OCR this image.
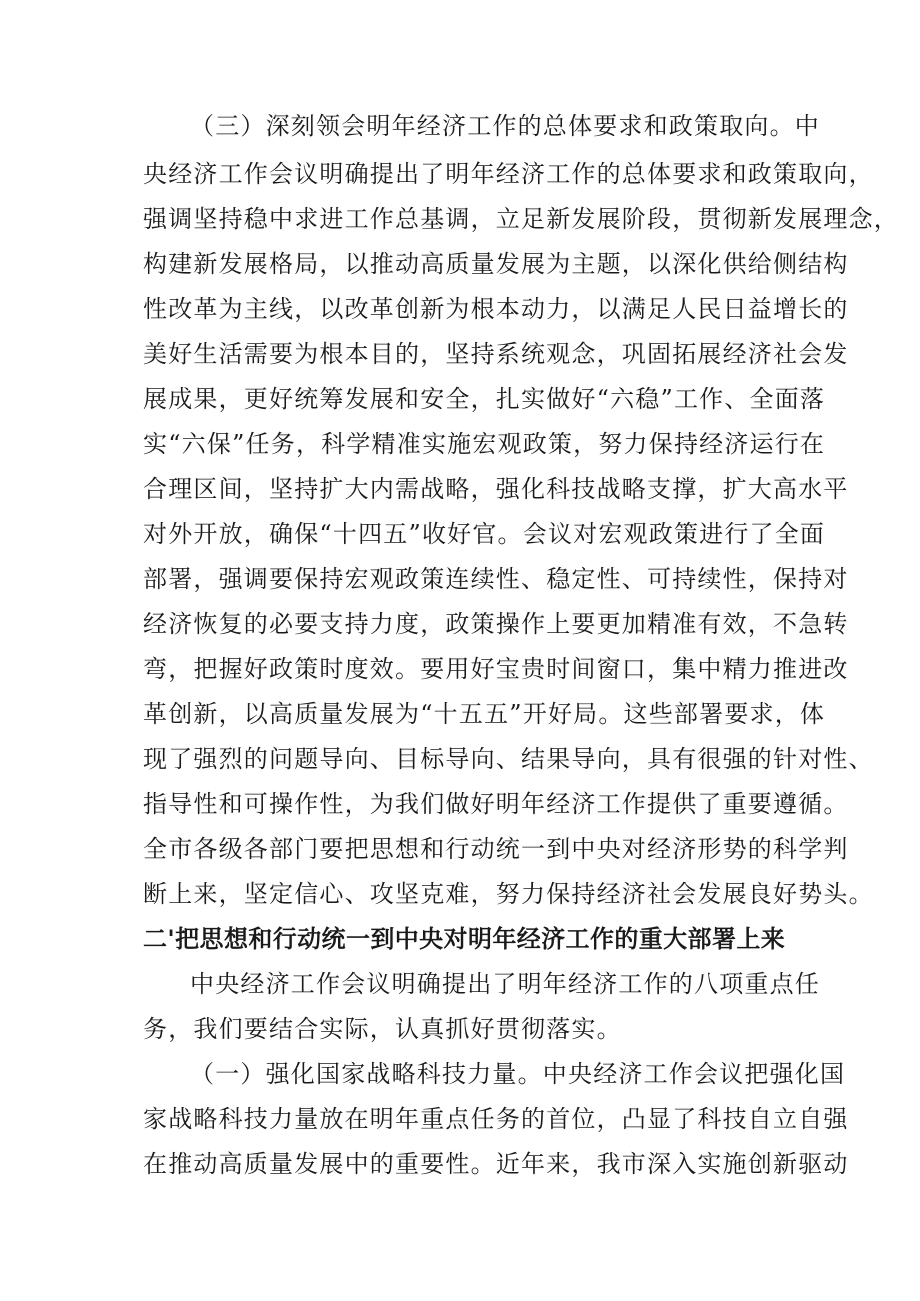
（三）深刻领会明年经济工作的总体要求和政策取向。中
央经济工作会议明确提出了明年经济工作的总体要求和政策取向，
强调坚持稳中求进工作总基调，立足新发展阶段，贯彻新发展理念，
构建新发展格局，以推动高质量发展为主题，以深化供给侧结构
性改革为主线，以改革创新为根本动力，以满足人民日益增长的
美好生活需要为根本目的，坚持系统观念，巩固拓展经济社会发
展成果，更好统筹发展和安全，扎实做好“六稳”工作、全面落
实“六保”任务，科学精准实施宏观政策，努力保持经济运行在
合理区间，坚持扩大内需战略，强化科技战略支撑，扩大高水平
对外开放，确保“十四五”收好官。会议对宏观政策进行了全面
部署，强调要保持宏观政策连续性、稳定性、可持续性，保持对
经济恢复的必要支持力度，政策操作上要更加精准有效，不急转
弯，把握好政策时度效。要用好宝贵时间窗口，集中精力推进改
革创新，以高质量发展为“十五五”开好局。这些部署要求，体
现了强烈的问题导向、目标导向、结果导向，具有很强的针对性、
指导性和可操作性，为我们做好明年经济工作提供了重要遵循。
全市各级各部门要把思想和行动统一到中央对经济形势的科学判
断上来，坚定信心、攻坚克难，努力保持经济社会发展良好势头。
二'把思想和行动统一到中央对明年经济工作的重大部署上来
中央经济工作会议明确提出了明年经济工作的八项重点任
务，我们要结合实际，认真抓好贯彻落实。
（一）强化国家战略科技力量。中央经济工作会议把强化国
家战略科技力量放在明年重点任务的首位，凸显了科技自立自强
在推动高质量发展中的重要性。近年来，我市深入实施创新驱动
